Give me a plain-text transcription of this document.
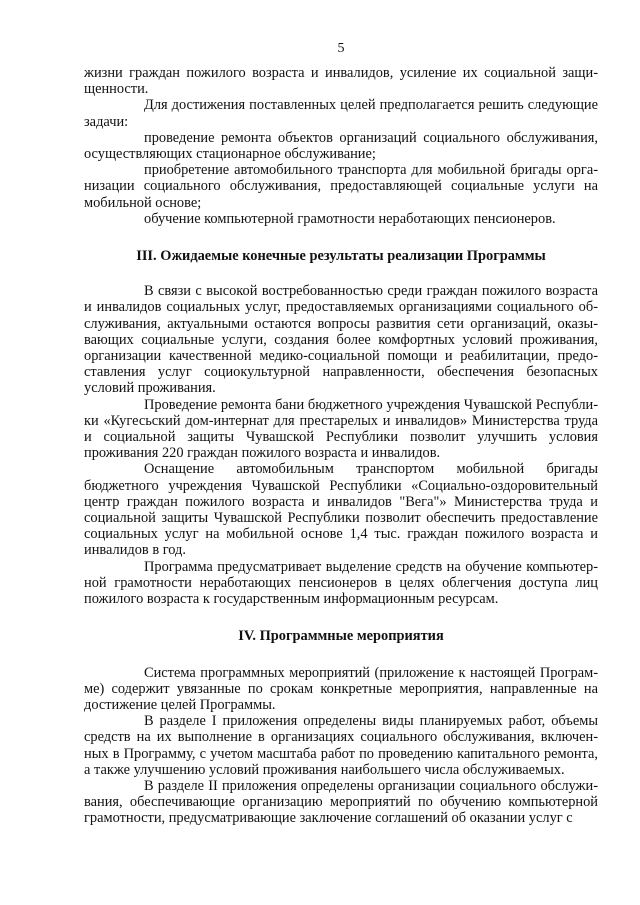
5

жизни граждан пожилого возраста и инвалидов, усиление их социальной защищенности.

Для достижения поставленных целей предполагается решить следующие задачи:

проведение ремонта объектов организаций социального обслуживания, осуществляющих стационарное обслуживание;

приобретение автомобильного транспорта для мобильной бригады организации социального обслуживания, предоставляющей социальные услуги на мобильной основе;

обучение компьютерной грамотности неработающих пенсионеров.

III. Ожидаемые конечные результаты реализации Программы

В связи с высокой востребованностью среди граждан пожилого возраста и инвалидов социальных услуг, предоставляемых организациями социального обслуживания, актуальными остаются вопросы развития сети организаций, оказывающих социальные услуги, создания более комфортных условий проживания, организации качественной медико-социальной помощи и реабилитации, предоставления услуг социокультурной направленности, обеспечения безопасных условий проживания.

Проведение ремонта бани бюджетного учреждения Чувашской Республики «Кугесьский дом-интернат для престарелых и инвалидов» Министерства труда и социальной защиты Чувашской Республики позволит улучшить условия проживания 220 граждан пожилого возраста и инвалидов.

Оснащение автомобильным транспортом мобильной бригады бюджетного учреждения Чувашской Республики «Социально-оздоровительный центр граждан пожилого возраста и инвалидов "Вега"» Министерства труда и социальной защиты Чувашской Республики позволит обеспечить предоставление социальных услуг на мобильной основе 1,4 тыс. граждан пожилого возраста и инвалидов в год.

Программа предусматривает выделение средств на обучение компьютерной грамотности неработающих пенсионеров в целях облегчения доступа лиц пожилого возраста к государственным информационным ресурсам.

IV. Программные мероприятия

Система программных мероприятий (приложение к настоящей Программе) содержит увязанные по срокам конкретные мероприятия, направленные на достижение целей Программы.

В разделе I приложения определены виды планируемых работ, объемы средств на их выполнение в организациях социального обслуживания, включенных в Программу, с учетом масштаба работ по проведению капитального ремонта, а также улучшению условий проживания наибольшего числа обслуживаемых.

В разделе II приложения определены организации социального обслуживания, обеспечивающие организацию мероприятий по обучению компьютерной грамотности, предусматривающие заключение соглашений об оказании услуг с
